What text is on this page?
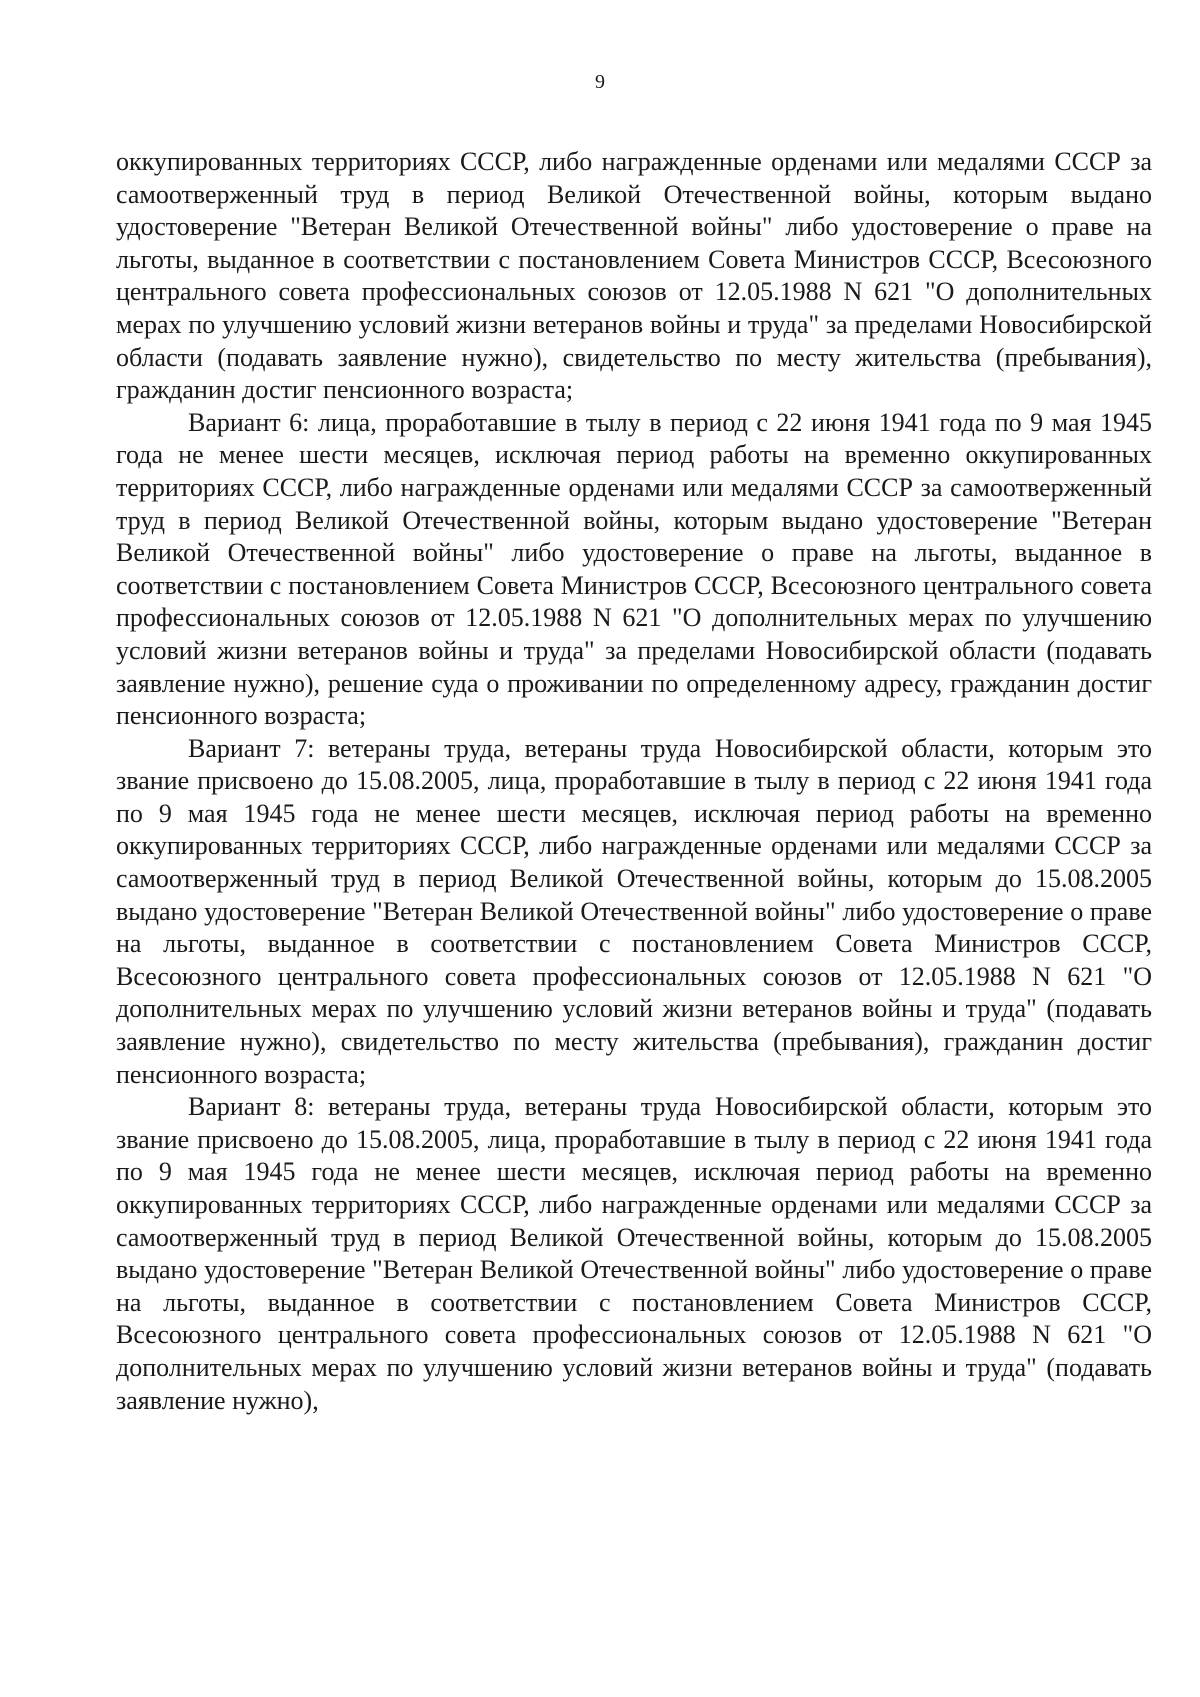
9

оккупированных территориях СССР, либо награжденные орденами или медалями СССР за самоотверженный труд в период Великой Отечественной войны, которым выдано удостоверение "Ветеран Великой Отечественной войны" либо удостоверение о праве на льготы, выданное в соответствии с постановлением Совета Министров СССР, Всесоюзного центрального совета профессиональных союзов от 12.05.1988 N 621 "О дополнительных мерах по улучшению условий жизни ветеранов войны и труда" за пределами Новосибирской области (подавать заявление нужно), свидетельство по месту жительства (пребывания), гражданин достиг пенсионного возраста;

Вариант 6: лица, проработавшие в тылу в период с 22 июня 1941 года по 9 мая 1945 года не менее шести месяцев, исключая период работы на временно оккупированных территориях СССР, либо награжденные орденами или медалями СССР за самоотверженный труд в период Великой Отечественной войны, которым выдано удостоверение "Ветеран Великой Отечественной войны" либо удостоверение о праве на льготы, выданное в соответствии с постановлением Совета Министров СССР, Всесоюзного центрального совета профессиональных союзов от 12.05.1988 N 621 "О дополнительных мерах по улучшению условий жизни ветеранов войны и труда" за пределами Новосибирской области (подавать заявление нужно), решение суда о проживании по определенному адресу, гражданин достиг пенсионного возраста;

Вариант 7: ветераны труда, ветераны труда Новосибирской области, которым это звание присвоено до 15.08.2005, лица, проработавшие в тылу в период с 22 июня 1941 года по 9 мая 1945 года не менее шести месяцев, исключая период работы на временно оккупированных территориях СССР, либо награжденные орденами или медалями СССР за самоотверженный труд в период Великой Отечественной войны, которым до 15.08.2005 выдано удостоверение "Ветеран Великой Отечественной войны" либо удостоверение о праве на льготы, выданное в соответствии с постановлением Совета Министров СССР, Всесоюзного центрального совета профессиональных союзов от 12.05.1988 N 621 "О дополнительных мерах по улучшению условий жизни ветеранов войны и труда" (подавать заявление нужно), свидетельство по месту жительства (пребывания), гражданин достиг пенсионного возраста;

Вариант 8: ветераны труда, ветераны труда Новосибирской области, которым это звание присвоено до 15.08.2005, лица, проработавшие в тылу в период с 22 июня 1941 года по 9 мая 1945 года не менее шести месяцев, исключая период работы на временно оккупированных территориях СССР, либо награжденные орденами или медалями СССР за самоотверженный труд в период Великой Отечественной войны, которым до 15.08.2005 выдано удостоверение "Ветеран Великой Отечественной войны" либо удостоверение о праве на льготы, выданное в соответствии с постановлением Совета Министров СССР, Всесоюзного центрального совета профессиональных союзов от 12.05.1988 N 621 "О дополнительных мерах по улучшению условий жизни ветеранов войны и труда" (подавать заявление нужно),
